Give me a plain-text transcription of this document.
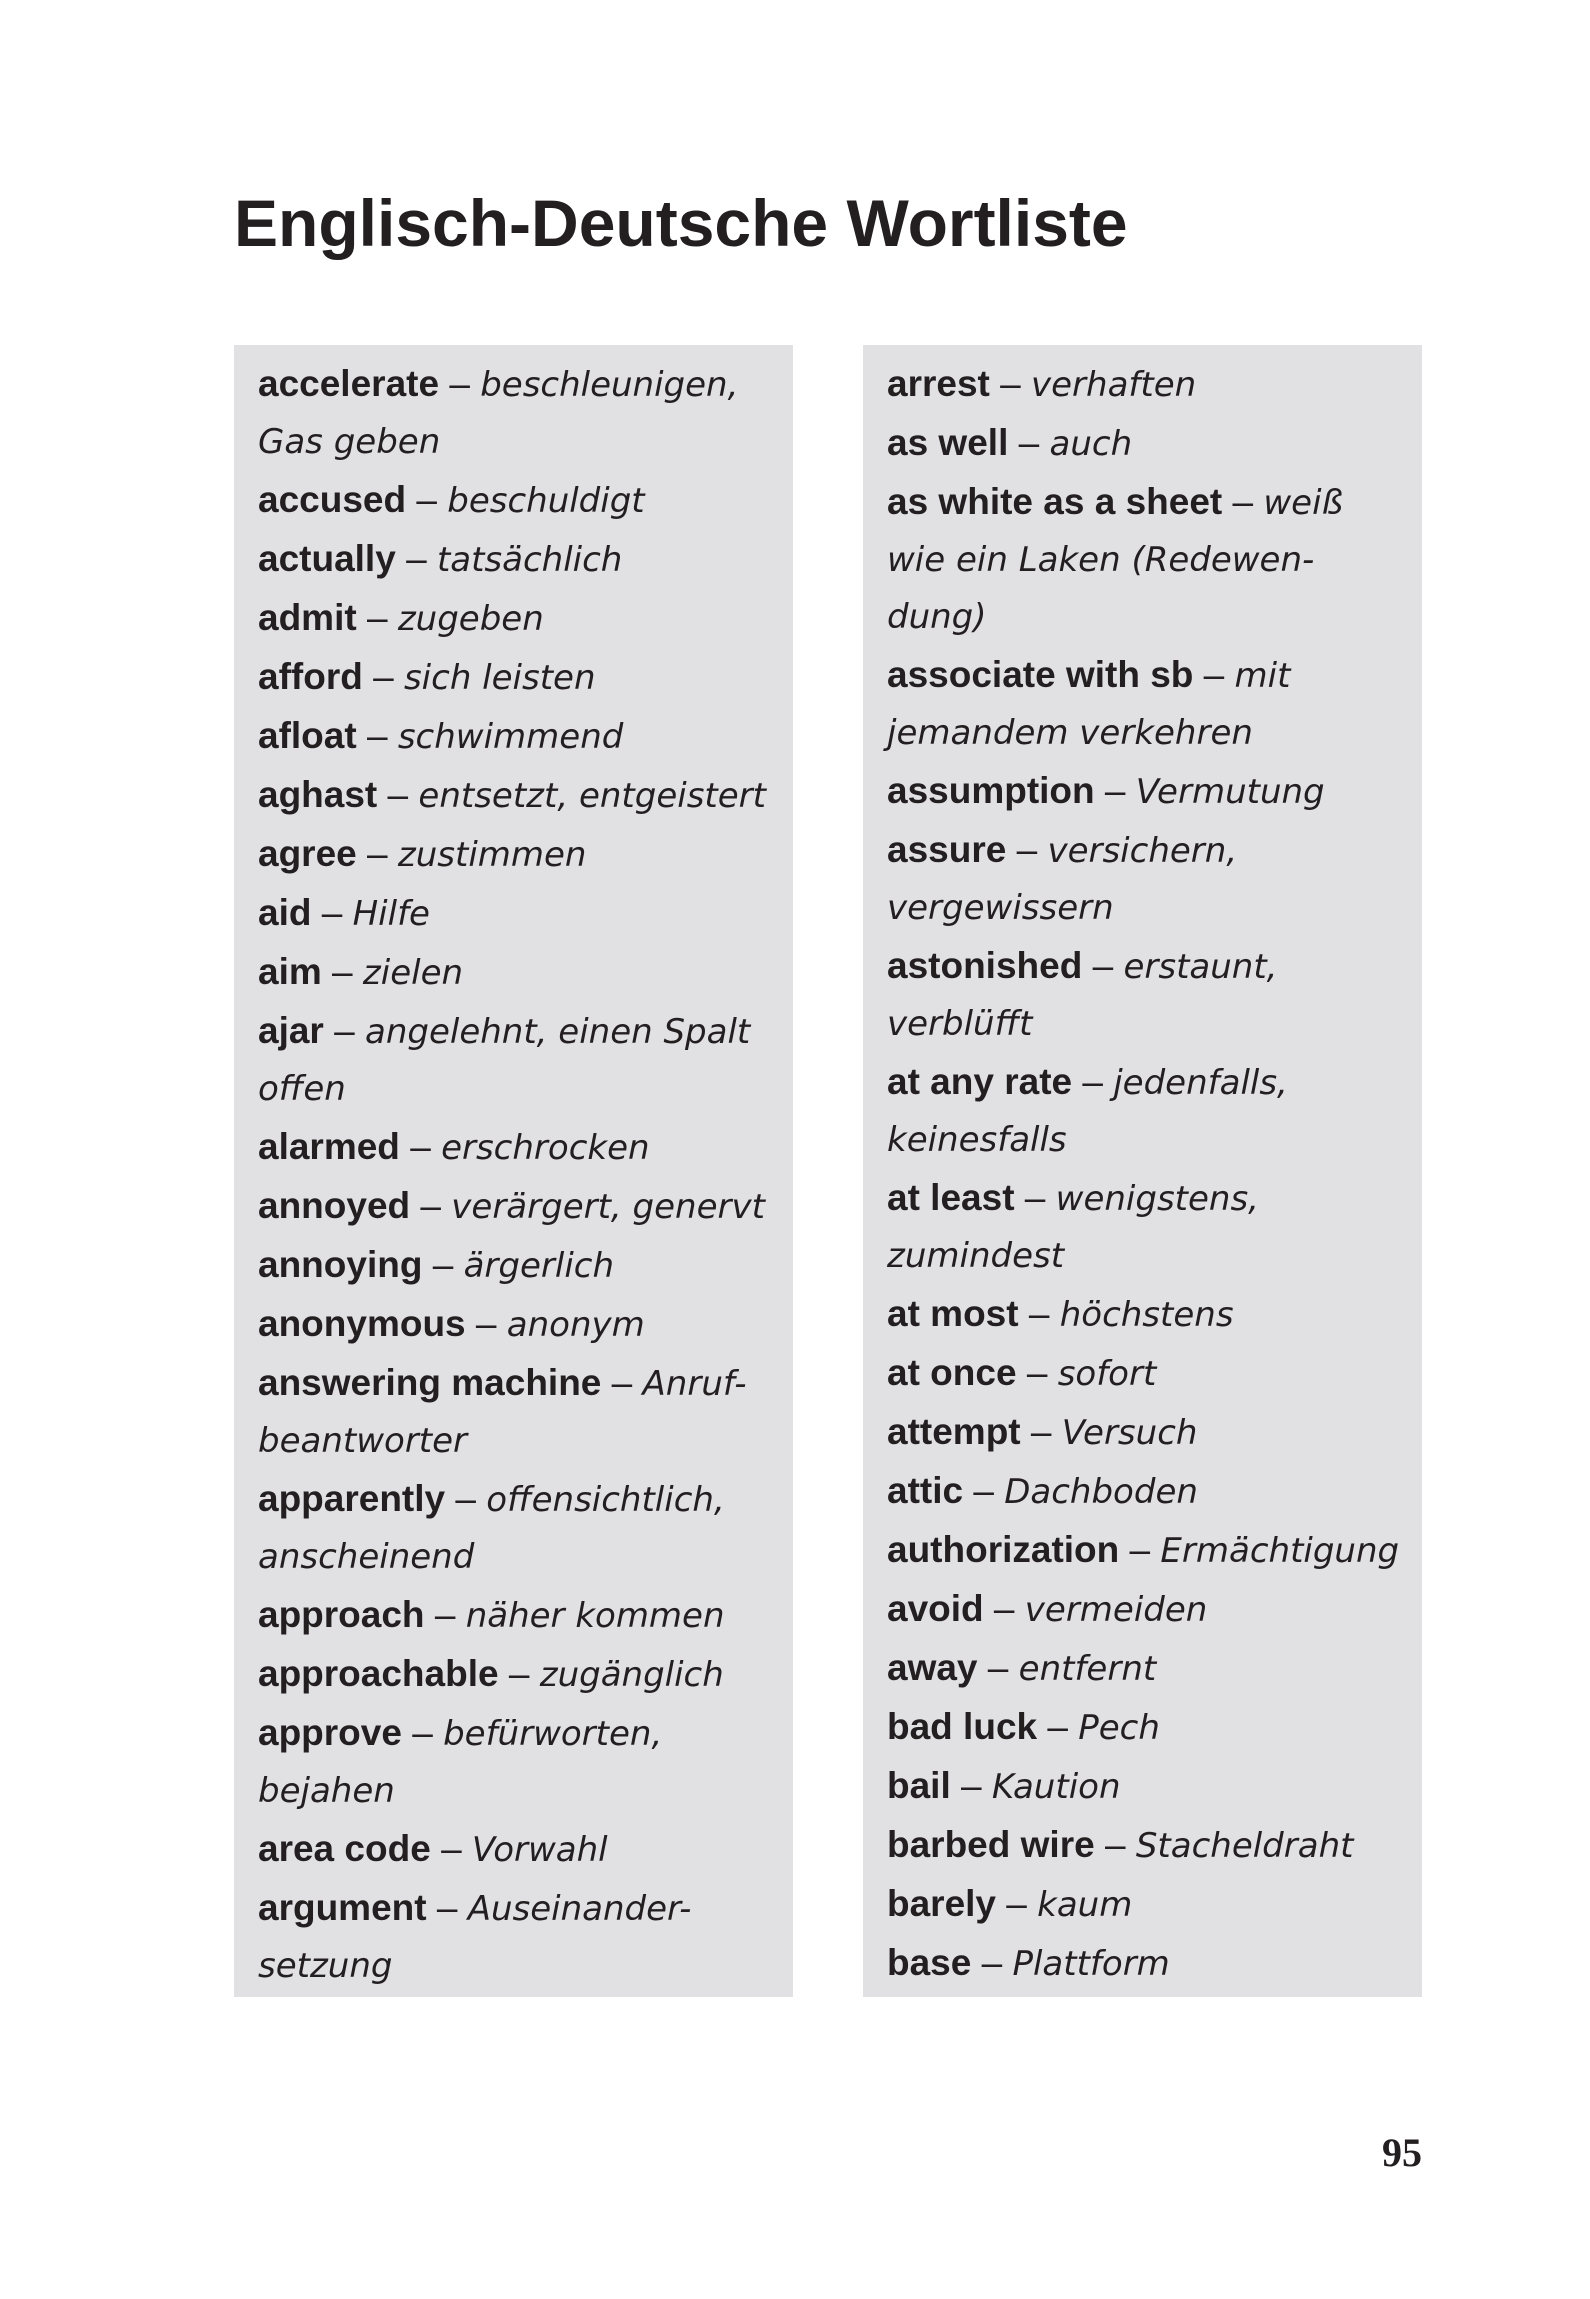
Englisch-Deutsche Wortliste
accelerate – beschleunigen,
Gas geben
accused – beschuldigt
actually – tatsächlich
admit – zugeben
afford – sich leisten
afloat – schwimmend
aghast – entsetzt, entgeistert
agree – zustimmen
aid – Hilfe
aim – zielen
ajar – angelehnt, einen Spalt
offen
alarmed – erschrocken
annoyed – verärgert, genervt
annoying – ärgerlich
anonymous – anonym
answering machine – Anruf-
beantworter
apparently – offensichtlich,
anscheinend
approach – näher kommen
approachable – zugänglich
approve – befürworten,
bejahen
area code – Vorwahl
argument – Auseinander-
setzung
arrest – verhaften
as well – auch
as white as a sheet – weiß
wie ein Laken (Redewen-
dung)
associate with sb – mit
jemandem verkehren
assumption – Vermutung
assure – versichern,
vergewissern
astonished – erstaunt,
verblüfft
at any rate – jedenfalls,
keinesfalls
at least – wenigstens,
zumindest
at most – höchstens
at once – sofort
attempt – Versuch
attic – Dachboden
authorization – Ermächtigung
avoid – vermeiden
away – entfernt
bad luck – Pech
bail – Kaution
barbed wire – Stacheldraht
barely – kaum
base – Plattform
95
